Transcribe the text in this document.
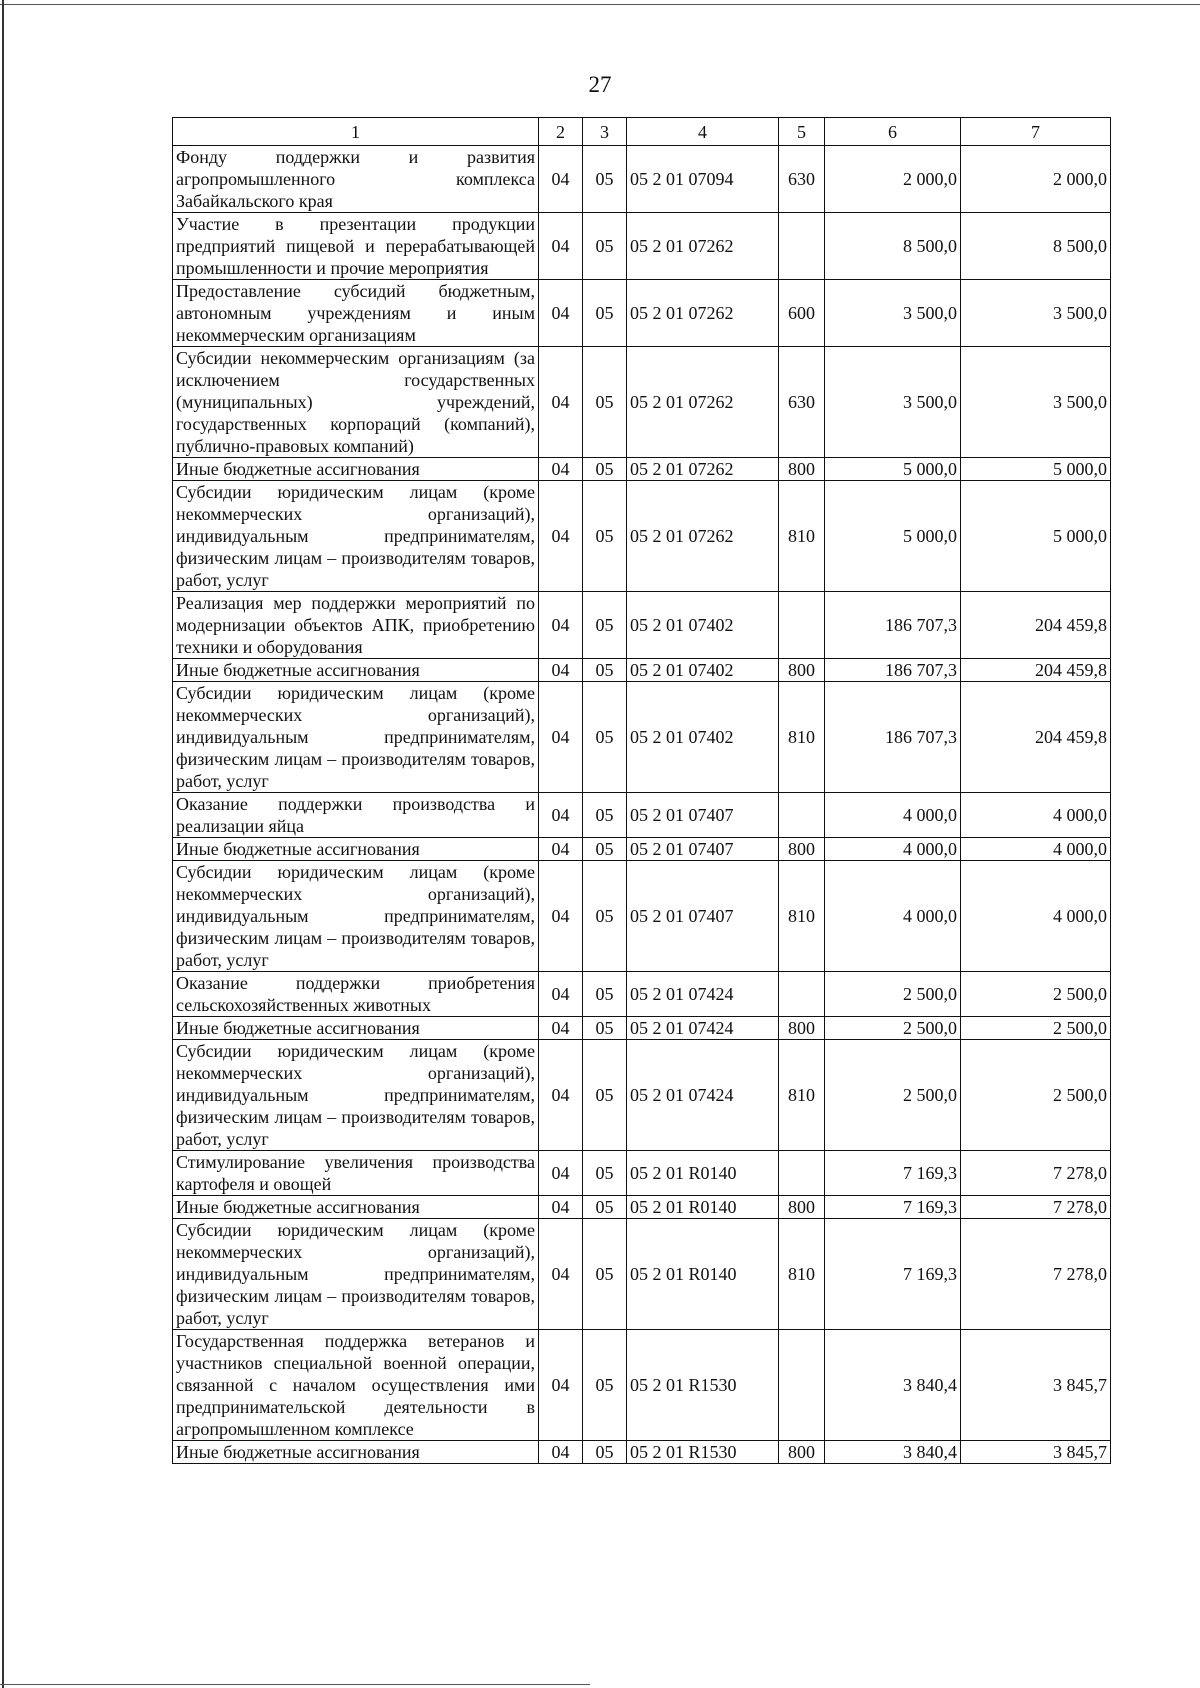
27
1	2	3	4	5	6	7
Фонду поддержки и развития агропромышленного комплекса Забайкальского края	04	05	05 2 01 07094	630	2 000,0	2 000,0
Участие в презентации продукции предприятий пищевой и перерабатывающей промышленности и прочие мероприятия	04	05	05 2 01 07262		8 500,0	8 500,0
Предоставление субсидий бюджетным, автономным учреждениям и иным некоммерческим организациям	04	05	05 2 01 07262	600	3 500,0	3 500,0
Субсидии некоммерческим организациям (за исключением государственных (муниципальных) учреждений, государственных корпораций (компаний), публично-правовых компаний)	04	05	05 2 01 07262	630	3 500,0	3 500,0
Иные бюджетные ассигнования	04	05	05 2 01 07262	800	5 000,0	5 000,0
Субсидии юридическим лицам (кроме некоммерческих организаций), индивидуальным предпринимателям, физическим лицам – производителям товаров, работ, услуг	04	05	05 2 01 07262	810	5 000,0	5 000,0
Реализация мер поддержки мероприятий по модернизации объектов АПК, приобретению техники и оборудования	04	05	05 2 01 07402		186 707,3	204 459,8
Иные бюджетные ассигнования	04	05	05 2 01 07402	800	186 707,3	204 459,8
Субсидии юридическим лицам (кроме некоммерческих организаций), индивидуальным предпринимателям, физическим лицам – производителям товаров, работ, услуг	04	05	05 2 01 07402	810	186 707,3	204 459,8
Оказание поддержки производства и реализации яйца	04	05	05 2 01 07407		4 000,0	4 000,0
Иные бюджетные ассигнования	04	05	05 2 01 07407	800	4 000,0	4 000,0
Субсидии юридическим лицам (кроме некоммерческих организаций), индивидуальным предпринимателям, физическим лицам – производителям товаров, работ, услуг	04	05	05 2 01 07407	810	4 000,0	4 000,0
Оказание поддержки приобретения сельскохозяйственных животных	04	05	05 2 01 07424		2 500,0	2 500,0
Иные бюджетные ассигнования	04	05	05 2 01 07424	800	2 500,0	2 500,0
Субсидии юридическим лицам (кроме некоммерческих организаций), индивидуальным предпринимателям, физическим лицам – производителям товаров, работ, услуг	04	05	05 2 01 07424	810	2 500,0	2 500,0
Стимулирование увеличения производства картофеля и овощей	04	05	05 2 01 R0140		7 169,3	7 278,0
Иные бюджетные ассигнования	04	05	05 2 01 R0140	800	7 169,3	7 278,0
Субсидии юридическим лицам (кроме некоммерческих организаций), индивидуальным предпринимателям, физическим лицам – производителям товаров, работ, услуг	04	05	05 2 01 R0140	810	7 169,3	7 278,0
Государственная поддержка ветеранов и участников специальной военной операции, связанной с началом осуществления ими предпринимательской деятельности в агропромышленном комплексе	04	05	05 2 01 R1530		3 840,4	3 845,7
Иные бюджетные ассигнования	04	05	05 2 01 R1530	800	3 840,4	3 845,7
